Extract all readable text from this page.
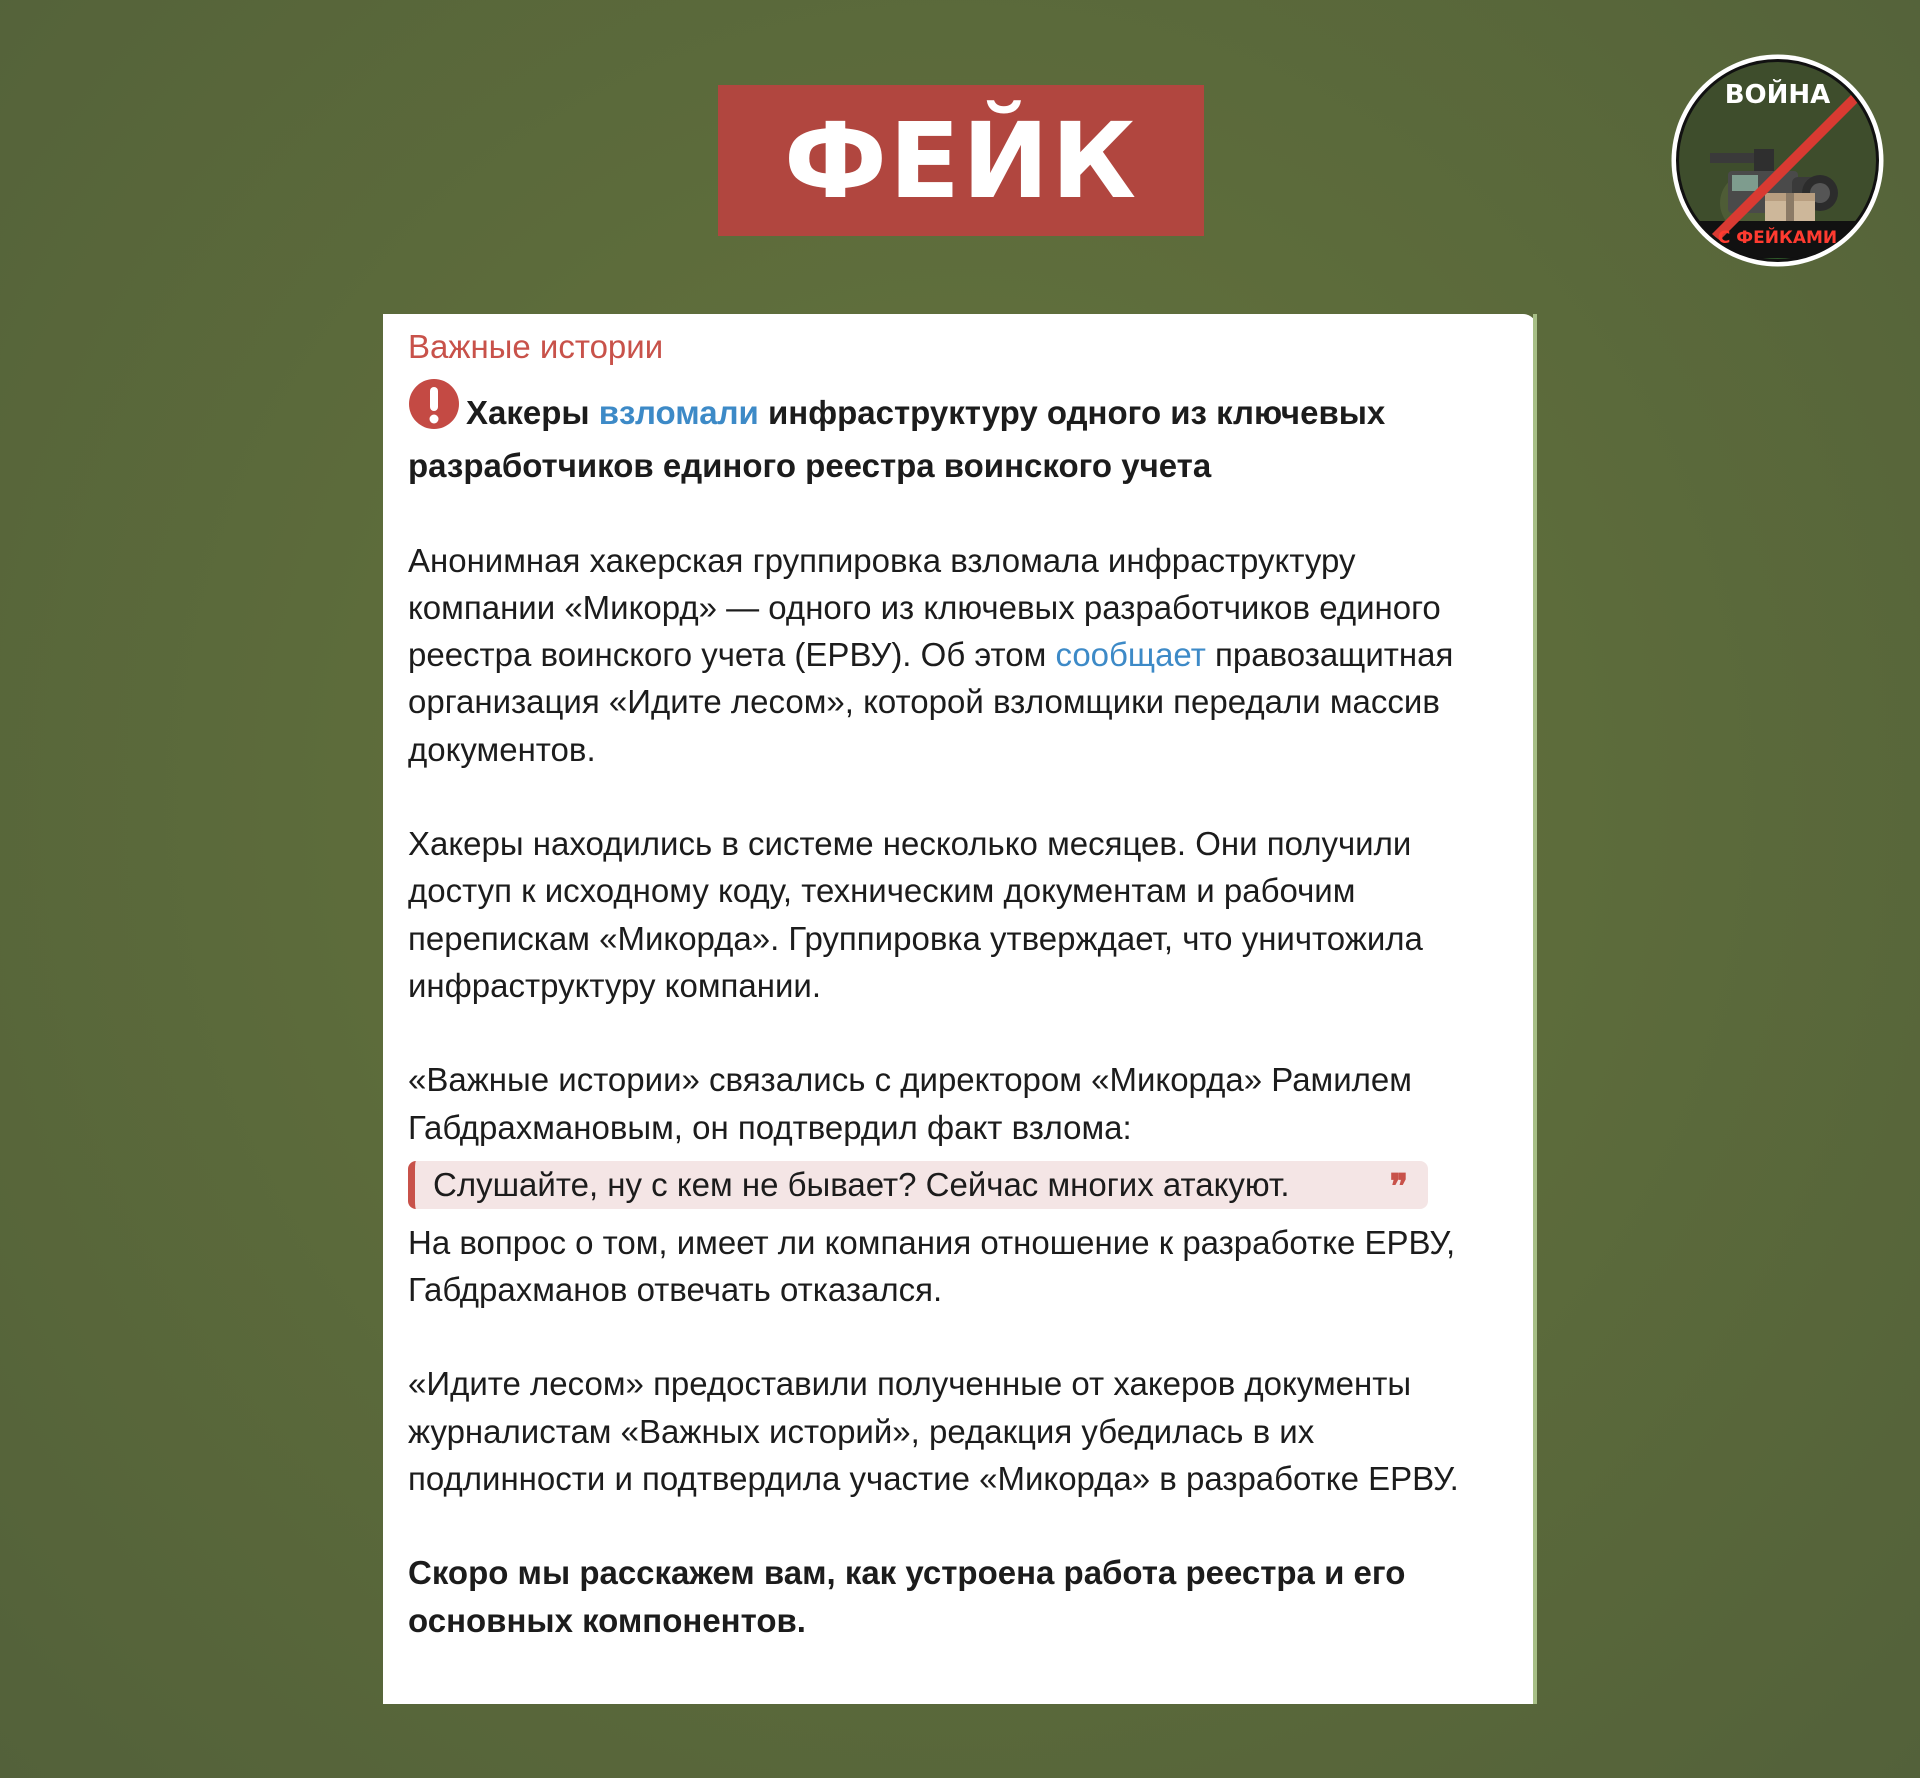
ФЕЙК
ВОЙНА
С ФЕЙКАМИ
Важные истории
Хакеры взломали инфраструктуру одного из ключевых разработчиков единого реестра воинского учета

Анонимная хакерская группировка взломала инфраструктуру компании «Микорд» — одного из ключевых разработчиков единого реестра воинского учета (ЕРВУ). Об этом сообщает правозащитная организация «Идите лесом», которой взломщики передали массив документов.

Хакеры находились в системе несколько месяцев. Они получили доступ к исходному коду, техническим документам и рабочим перепискам «Микорда». Группировка утверждает, что уничтожила инфраструктуру компании.

«Важные истории» связались с директором «Микорда» Рамилем Габдрахмановым, он подтвердил факт взлома:

Слушайте, ну с кем не бывает? Сейчас многих атакуют.	❞

На вопрос о том, имеет ли компания отношение к разработке ЕРВУ, Габдрахманов отвечать отказался.

«Идите лесом» предоставили полученные от хакеров документы журналистам «Важных историй», редакция убедилась в их подлинности и подтвердила участие «Микорда» в разработке ЕРВУ.

Скоро мы расскажем вам, как устроена работа реестра и его основных компонентов.
